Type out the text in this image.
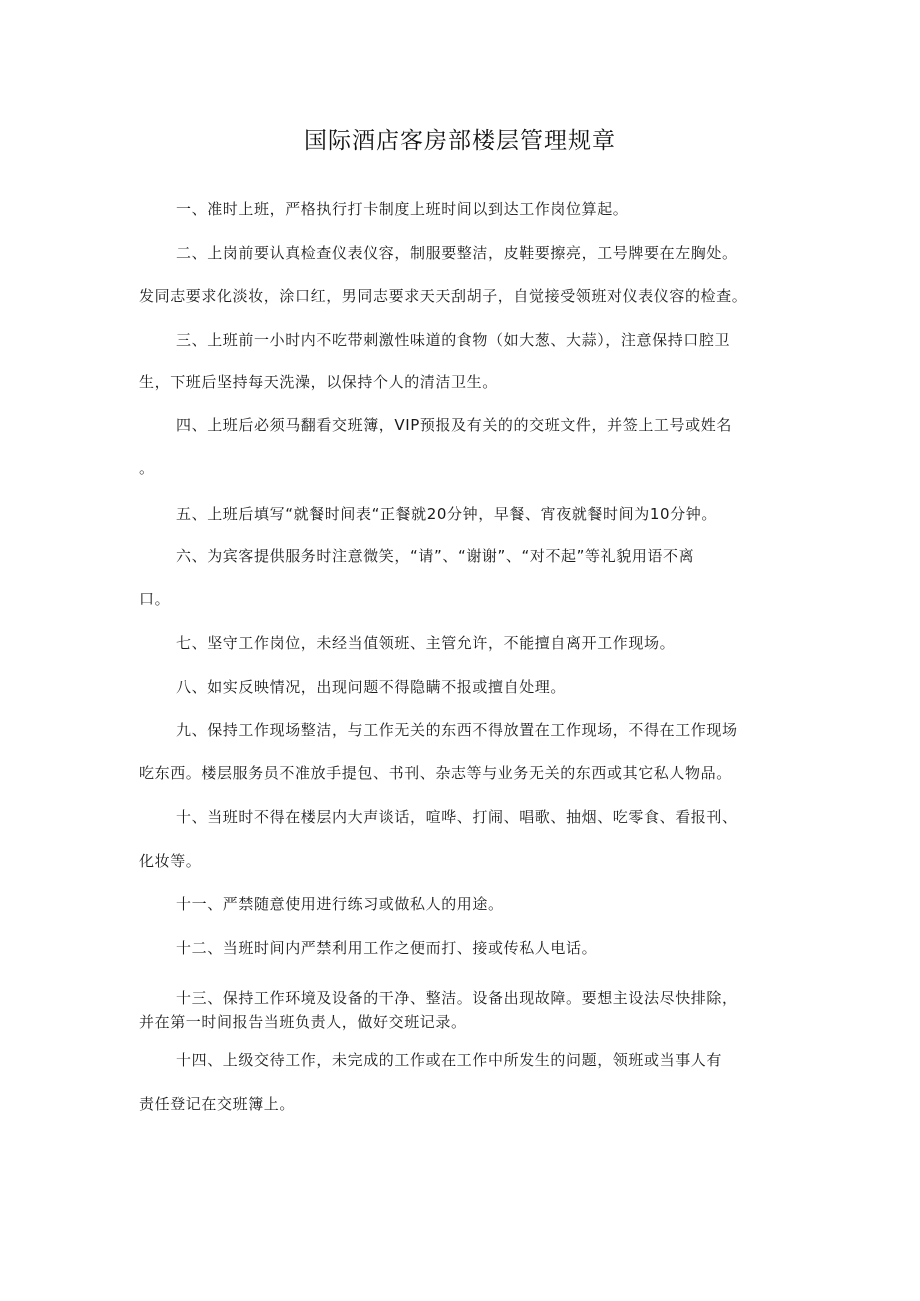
国际酒店客房部楼层管理规章
一、准时上班，严格执行打卡制度上班时间以到达工作岗位算起。
二、上岗前要认真检查仪表仪容，制服要整洁，皮鞋要擦亮，工号牌要在左胸处。
发同志要求化淡妆，涂口红，男同志要求天天刮胡子，自觉接受领班对仪表仪容的检查。
三、上班前一小时内不吃带刺激性味道的食物（如大葱、大蒜），注意保持口腔卫
生，下班后坚持每天洗澡，以保持个人的清洁卫生。
四、上班后必须马翻看交班簿，VIP预报及有关的的交班文件，并签上工号或姓名
。
五、上班后填写“就餐时间表“正餐就20分钟，早餐、宵夜就餐时间为10分钟。
六、为宾客提供服务时注意微笑，“请”、“谢谢”、“对不起”等礼貌用语不离
口。
七、坚守工作岗位，未经当值领班、主管允许，不能擅自离开工作现场。
八、如实反映情况，出现问题不得隐瞒不报或擅自处理。
九、保持工作现场整洁，与工作无关的东西不得放置在工作现场，不得在工作现场
吃东西。楼层服务员不准放手提包、书刊、杂志等与业务无关的东西或其它私人物品。
十、当班时不得在楼层内大声谈话，喧哗、打闹、唱歌、抽烟、吃零食、看报刊、
化妆等。
十一、严禁随意使用进行练习或做私人的用途。
十二、当班时间内严禁利用工作之便而打、接或传私人电话。
十三、保持工作环境及设备的干净、整洁。设备出现故障。要想主设法尽快排除，
并在第一时间报告当班负责人，做好交班记录。
十四、上级交待工作，未完成的工作或在工作中所发生的问题，领班或当事人有
责任登记在交班簿上。
